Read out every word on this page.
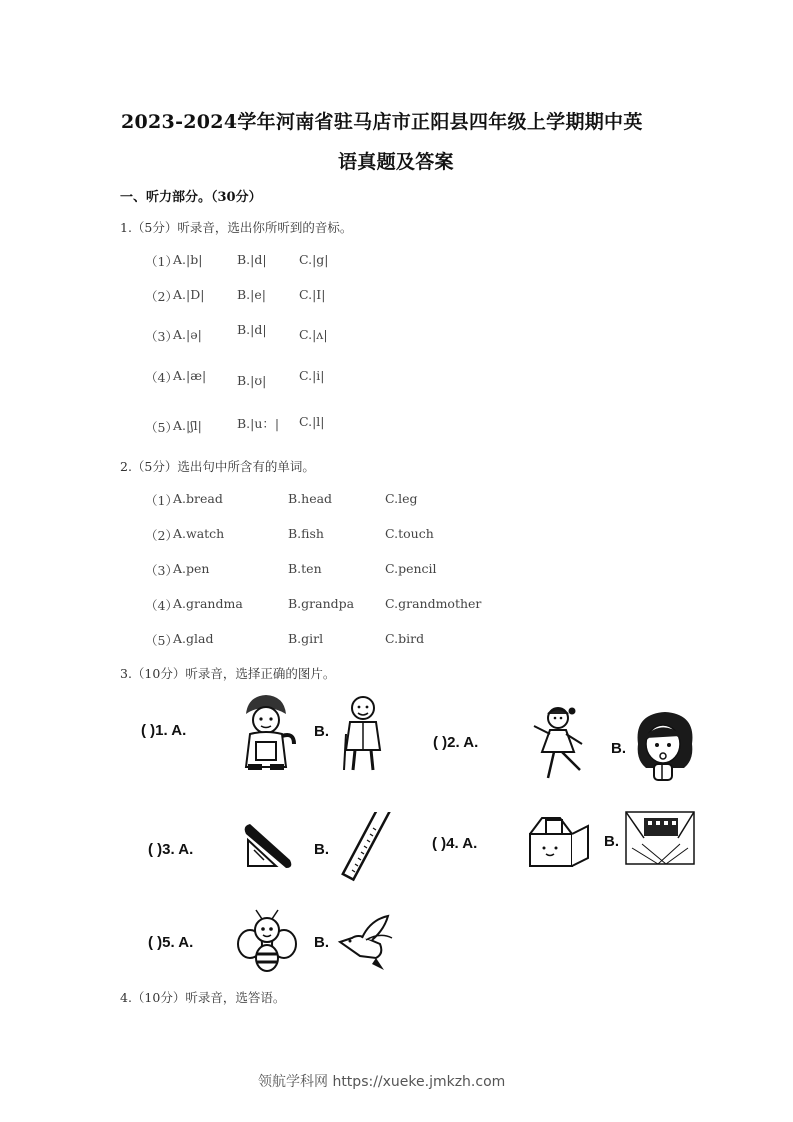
2023-2024学年河南省驻马店市正阳县四年级上学期期中英
语真题及答案
一、听力部分。（30分）
1.（5分）听录音，选出你所听到的音标。
（1）
A.|b|	B.|d|	C.|g|
（2）
A.|D|	B.|e|	C.|I|
（3）
A.|ə|	B.|d|	C.|ʌ|
（4）
A.|æ| B.|ʊ|	C.|i|
（5）
A.|ʃl|	B.|u：| C.|l|
2.（5分）选出句中所含有的单词。
（1）
A.bread	B.head	C.leg
（2）
A.watch	B.fish	C.touch
（3）
A.pen	B.ten	C.pencil
（4）
A.grandma	B.grandpa C.grandmother
（5）
A.glad	B.girl	C.bird
3.（10分）听录音，选择正确的图片。
( )1. A.	B.
( )2. A.	B.
( )3. A.	B.	( )4. A.	B.
( )5. A.	B.
4.（10分）听录音，选答语。
领航学科网 https://xueke.jmkzh.com
